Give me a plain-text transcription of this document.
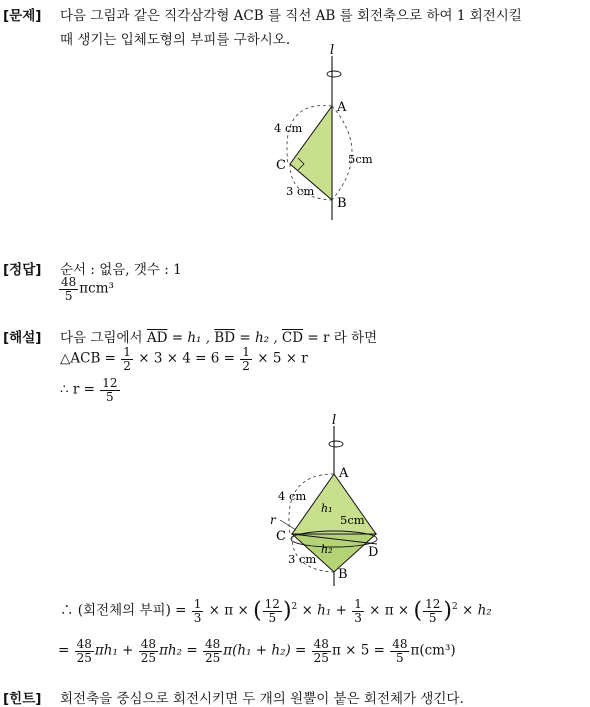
[문제] 다음 그림과 같은 직각삼각형 ACB 를 직선 AB 를 회전축으로 하여 1 회전시킬
때 생기는 입체도형의 부피를 구하시오.
l
A
B
C
4 cm
5cm
3 cm
[정답] 순서 : 없음, 갯수 : 1
$\frac{48}{5} \pi cm^3$
[해설] 다음 그림에서 $\overline{AD} = h_1$ , $\overline{BD} = h_2$ , $\overline{CD} = r$ 라 하면
△ACB = $\frac{1}{2} \times 3 \times 4 = 6 = \frac{1}{2} \times 5 \times r$
∴ $r = \frac{12}{5}$
l
A
B
C
D
4 cm
5cm
3 cm
r
h₁
h₂
∴ (회전체의 부피) = $\frac{1}{3} \times \pi$ × ( $\frac{12}{5} )^2 \times h_1 + \frac{1}{3} \times \pi$ × ( $\frac{12}{5} )^2 \times h_2$
= $\frac{48}{25} \pi h_1 + \frac{48}{25} \pi h_2 = \frac{48}{25} \pi(h_1 + h_2) = \frac{48}{25}$ $\pi \times 5 = \frac{48}{5} \pi(cm^3)$
[힌트] 회전축을 중심으로 회전시키면 두 개의 원뿔이 붙은 회전체가 생긴다.
